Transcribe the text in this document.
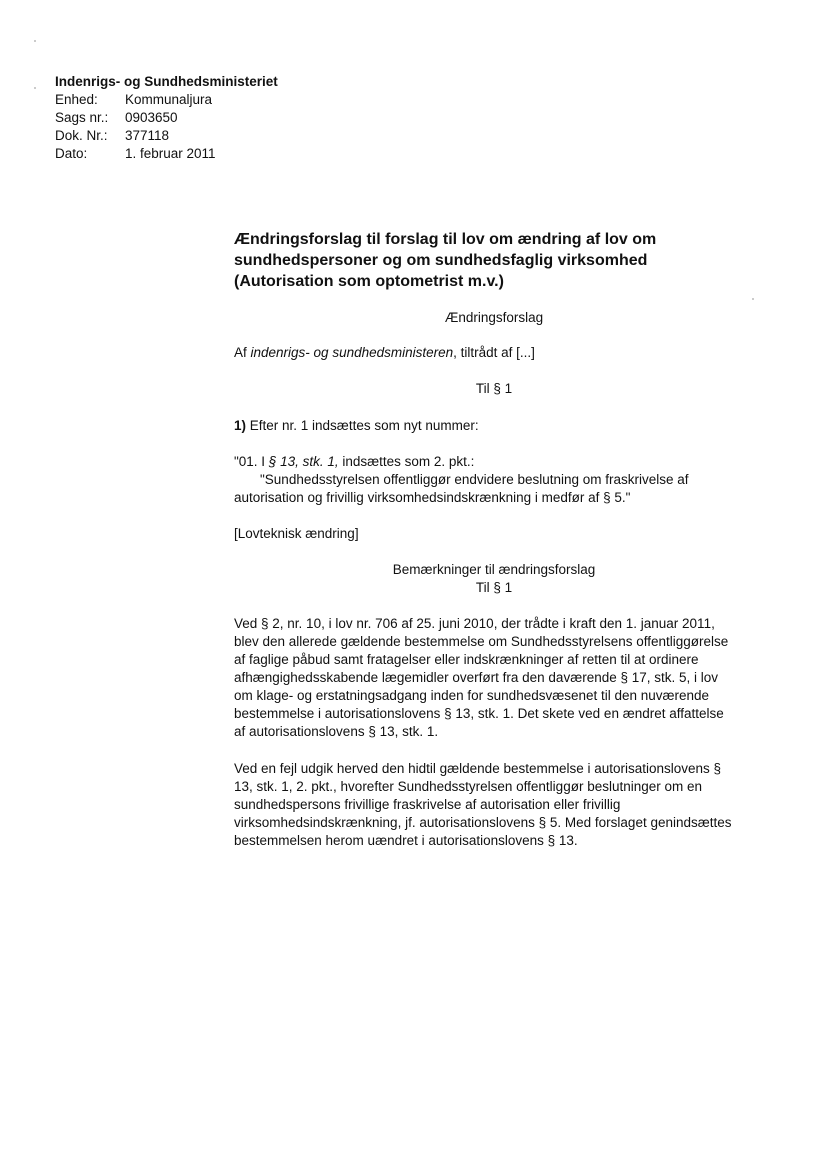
Indenrigs- og Sundhedsministeriet
Enhed:	Kommunaljura
Sags nr.:	0903650
Dok. Nr.:	377118
Dato:	1. februar 2011
Ændringsforslag til forslag til lov om ændring af lov om
sundhedspersoner og om sundhedsfaglig virksomhed
(Autorisation som optometrist m.v.)
Ændringsforslag
Af indenrigs- og sundhedsministeren, tiltrådt af [...]
Til § 1
1) Efter nr. 1 indsættes som nyt nummer:
"01. I § 13, stk. 1, indsættes som 2. pkt.:
"Sundhedsstyrelsen offentliggør endvidere beslutning om fraskrivelse af
autorisation og frivillig virksomhedsindskrænkning i medfør af § 5."
[Lovteknisk ændring]
Bemærkninger til ændringsforslag
Til § 1
Ved § 2, nr. 10, i lov nr. 706 af 25. juni 2010, der trådte i kraft den 1. januar 2011,
blev den allerede gældende bestemmelse om Sundhedsstyrelsens offentliggørelse
af faglige påbud samt fratagelser eller indskrænkninger af retten til at ordinere
afhængighedsskabende lægemidler overført fra den daværende § 17, stk. 5, i lov
om klage- og erstatningsadgang inden for sundhedsvæsenet til den nuværende
bestemmelse i autorisationslovens § 13, stk. 1. Det skete ved en ændret affattelse
af autorisationslovens § 13, stk. 1.
Ved en fejl udgik herved den hidtil gældende bestemmelse i autorisationslovens §
13, stk. 1, 2. pkt., hvorefter Sundhedsstyrelsen offentliggør beslutninger om en
sundhedspersons frivillige fraskrivelse af autorisation eller frivillig
virksomhedsindskrænkning, jf. autorisationslovens § 5. Med forslaget genindsættes
bestemmelsen herom uændret i autorisationslovens § 13.
